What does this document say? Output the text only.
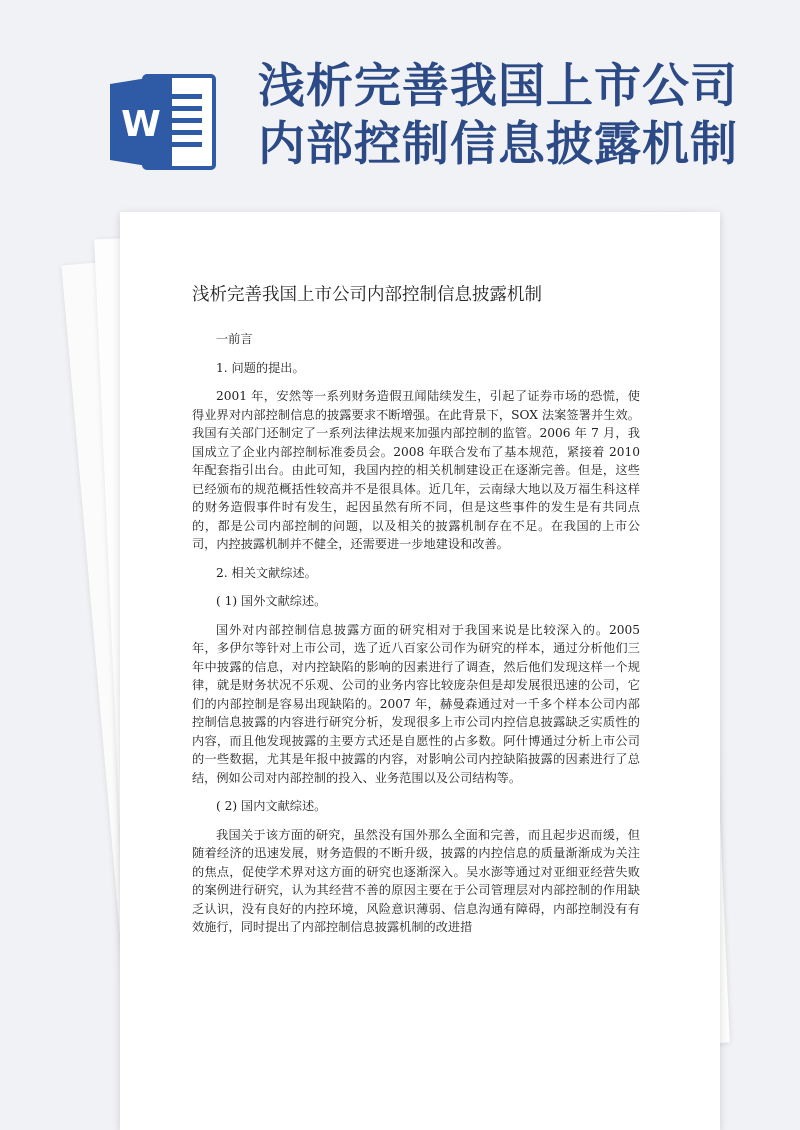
W
浅析完善我国上市公司
内部控制信息披露机制
浅析完善我国上市公司内部控制信息披露机制

一前言

1. 问题的提出。

2001 年，安然等一系列财务造假丑闻陆续发生，引起了证券市场的恐慌，使得业界对内部控制信息的披露要求不断增强。在此背景下，SOX 法案签署并生效。我国有关部门还制定了一系列法律法规来加强内部控制的监管。2006 年 7 月，我国成立了企业内部控制标准委员会。2008 年联合发布了基本规范，紧接着 2010 年配套指引出台。由此可知，我国内控的相关机制建设正在逐渐完善。但是，这些已经颁布的规范概括性较高并不是很具体。近几年，云南绿大地以及万福生科这样的财务造假事件时有发生，起因虽然有所不同，但是这些事件的发生是有共同点的，都是公司内部控制的问题，以及相关的披露机制存在不足。在我国的上市公司，内控披露机制并不健全，还需要进一步地建设和改善。

2. 相关文献综述。

( 1) 国外文献综述。

国外对内部控制信息披露方面的研究相对于我国来说是比较深入的。2005 年，多伊尔等针对上市公司，选了近八百家公司作为研究的样本，通过分析他们三年中披露的信息，对内控缺陷的影响的因素进行了调查，然后他们发现这样一个规律，就是财务状况不乐观、公司的业务内容比较庞杂但是却发展很迅速的公司，它们的内部控制是容易出现缺陷的。2007 年，赫曼森通过对一千多个样本公司内部控制信息披露的内容进行研究分析，发现很多上市公司内控信息披露缺乏实质性的内容，而且他发现披露的主要方式还是自愿性的占多数。阿什博通过分析上市公司的一些数据，尤其是年报中披露的内容，对影响公司内控缺陷披露的因素进行了总结，例如公司对内部控制的投入、业务范围以及公司结构等。

( 2) 国内文献综述。

我国关于该方面的研究，虽然没有国外那么全面和完善，而且起步迟而缓，但随着经济的迅速发展，财务造假的不断升级，披露的内控信息的质量渐渐成为关注的焦点，促使学术界对这方面的研究也逐渐深入。吴水澎等通过对亚细亚经营失败的案例进行研究，认为其经营不善的原因主要在于公司管理层对内部控制的作用缺乏认识，没有良好的内控环境，风险意识薄弱、信息沟通有障碍，内部控制没有有效施行，同时提出了内部控制信息披露机制的改进措
